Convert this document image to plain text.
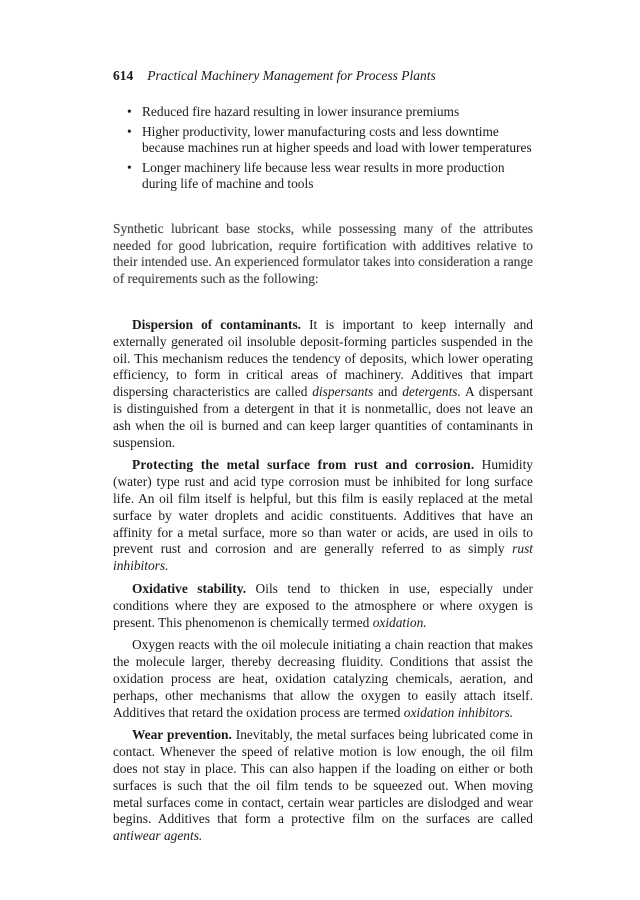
614 Practical Machinery Management for Process Plants
• Reduced fire hazard resulting in lower insurance premiums
• Higher productivity, lower manufacturing costs and less downtime because machines run at higher speeds and load with lower temperatures
• Longer machinery life because less wear results in more production during life of machine and tools

Synthetic lubricant base stocks, while possessing many of the attributes needed for good lubrication, require fortification with additives relative to their intended use. An experienced formulator takes into consideration a range of requirements such as the following:

Dispersion of contaminants. It is important to keep internally and externally generated oil insoluble deposit-forming particles suspended in the oil. This mechanism reduces the tendency of deposits, which lower operating efficiency, to form in critical areas of machinery. Additives that impart dispersing characteristics are called dispersants and detergents. A dispersant is distinguished from a detergent in that it is nonmetallic, does not leave an ash when the oil is burned and can keep larger quantities of contaminants in suspension.

Protecting the metal surface from rust and corrosion. Humidity (water) type rust and acid type corrosion must be inhibited for long surface life. An oil film itself is helpful, but this film is easily replaced at the metal surface by water droplets and acidic constituents. Additives that have an affinity for a metal surface, more so than water or acids, are used in oils to prevent rust and corrosion and are generally referred to as simply rust inhibitors.

Oxidative stability. Oils tend to thicken in use, especially under conditions where they are exposed to the atmosphere or where oxygen is present. This phenomenon is chemically termed oxidation.

Oxygen reacts with the oil molecule initiating a chain reaction that makes the molecule larger, thereby decreasing fluidity. Conditions that assist the oxidation process are heat, oxidation catalyzing chemicals, aeration, and perhaps, other mechanisms that allow the oxygen to easily attach itself. Additives that retard the oxidation process are termed oxidation inhibitors.

Wear prevention. Inevitably, the metal surfaces being lubricated come in contact. Whenever the speed of relative motion is low enough, the oil film does not stay in place. This can also happen if the loading on either or both surfaces is such that the oil film tends to be squeezed out. When moving metal surfaces come in contact, certain wear particles are dislodged and wear begins. Additives that form a protective film on the surfaces are called antiwear agents.
